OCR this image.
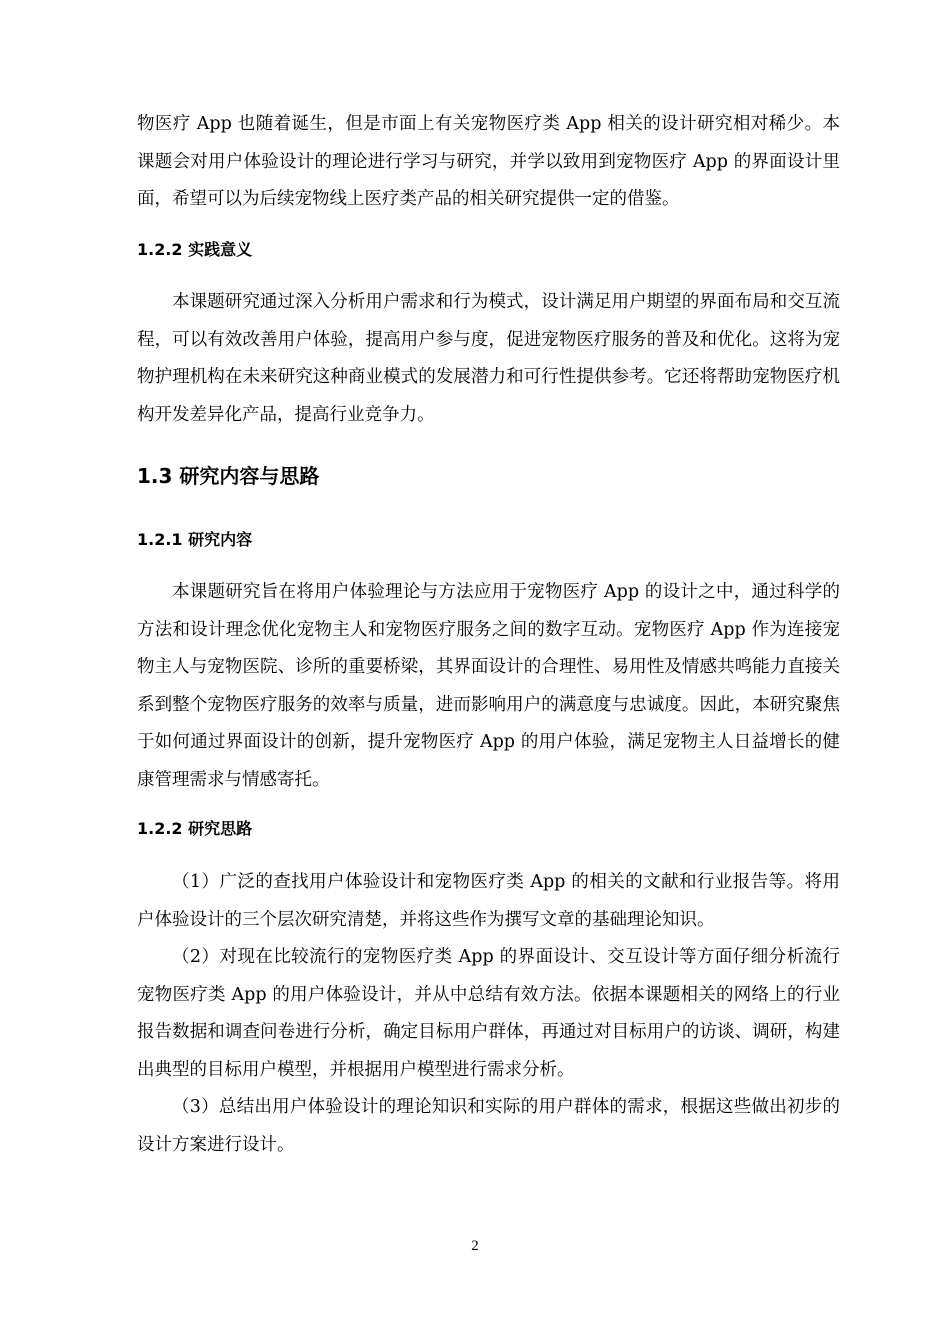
物医疗 App 也随着诞生，但是市面上有关宠物医疗类 App 相关的设计研究相对稀少。本课题会对用户体验设计的理论进行学习与研究，并学以致用到宠物医疗 App 的界面设计里面，希望可以为后续宠物线上医疗类产品的相关研究提供一定的借鉴。

1.2.2 实践意义

本课题研究通过深入分析用户需求和行为模式，设计满足用户期望的界面布局和交互流程，可以有效改善用户体验，提高用户参与度，促进宠物医疗服务的普及和优化。这将为宠物护理机构在未来研究这种商业模式的发展潜力和可行性提供参考。它还将帮助宠物医疗机构开发差异化产品，提高行业竞争力。

1.3 研究内容与思路
1.2.1 研究内容

本课题研究旨在将用户体验理论与方法应用于宠物医疗 App 的设计之中，通过科学的方法和设计理念优化宠物主人和宠物医疗服务之间的数字互动。宠物医疗 App 作为连接宠物主人与宠物医院、诊所的重要桥梁，其界面设计的合理性、易用性及情感共鸣能力直接关系到整个宠物医疗服务的效率与质量，进而影响用户的满意度与忠诚度。因此，本研究聚焦于如何通过界面设计的创新，提升宠物医疗 App 的用户体验，满足宠物主人日益增长的健康管理需求与情感寄托。

1.2.2 研究思路

（1）广泛的查找用户体验设计和宠物医疗类 App 的相关的文献和行业报告等。将用户体验设计的三个层次研究清楚，并将这些作为撰写文章的基础理论知识。

（2）对现在比较流行的宠物医疗类 App 的界面设计、交互设计等方面仔细分析流行宠物医疗类 App 的用户体验设计，并从中总结有效方法。依据本课题相关的网络上的行业报告数据和调查问卷进行分析，确定目标用户群体，再通过对目标用户的访谈、调研，构建出典型的目标用户模型，并根据用户模型进行需求分析。

（3）总结出用户体验设计的理论知识和实际的用户群体的需求，根据这些做出初步的设计方案进行设计。

2
